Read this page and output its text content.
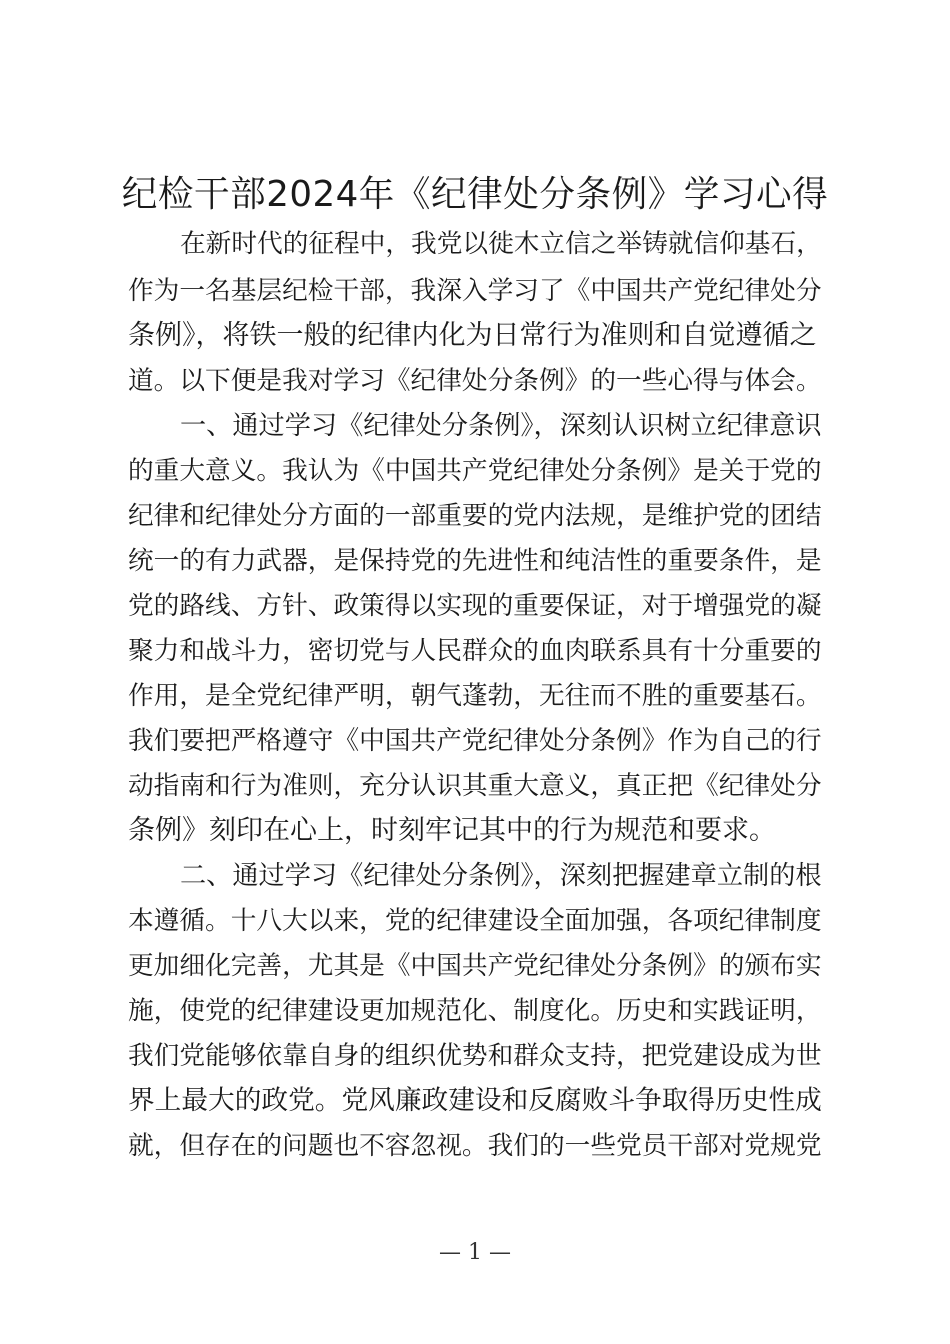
纪检干部2024年《纪律处分条例》学习心得
在新时代的征程中，我党以徙木立信之举铸就信仰基石，
作为一名基层纪检干部，我深入学习了《中国共产党纪律处分
条例》，将铁一般的纪律内化为日常行为准则和自觉遵循之
道。以下便是我对学习《纪律处分条例》的一些心得与体会。
一、通过学习《纪律处分条例》，深刻认识树立纪律意识
的重大意义。我认为《中国共产党纪律处分条例》是关于党的
纪律和纪律处分方面的一部重要的党内法规，是维护党的团结
统一的有力武器，是保持党的先进性和纯洁性的重要条件，是
党的路线、方针、政策得以实现的重要保证，对于增强党的凝
聚力和战斗力，密切党与人民群众的血肉联系具有十分重要的
作用，是全党纪律严明，朝气蓬勃，无往而不胜的重要基石。
我们要把严格遵守《中国共产党纪律处分条例》作为自己的行
动指南和行为准则，充分认识其重大意义，真正把《纪律处分
条例》刻印在心上，时刻牢记其中的行为规范和要求。
二、通过学习《纪律处分条例》，深刻把握建章立制的根
本遵循。十八大以来，党的纪律建设全面加强，各项纪律制度
更加细化完善，尤其是《中国共产党纪律处分条例》的颁布实
施，使党的纪律建设更加规范化、制度化。历史和实践证明，
我们党能够依靠自身的组织优势和群众支持，把党建设成为世
界上最大的政党。党风廉政建设和反腐败斗争取得历史性成
就，但存在的问题也不容忽视。我们的一些党员干部对党规党
— 1 —
